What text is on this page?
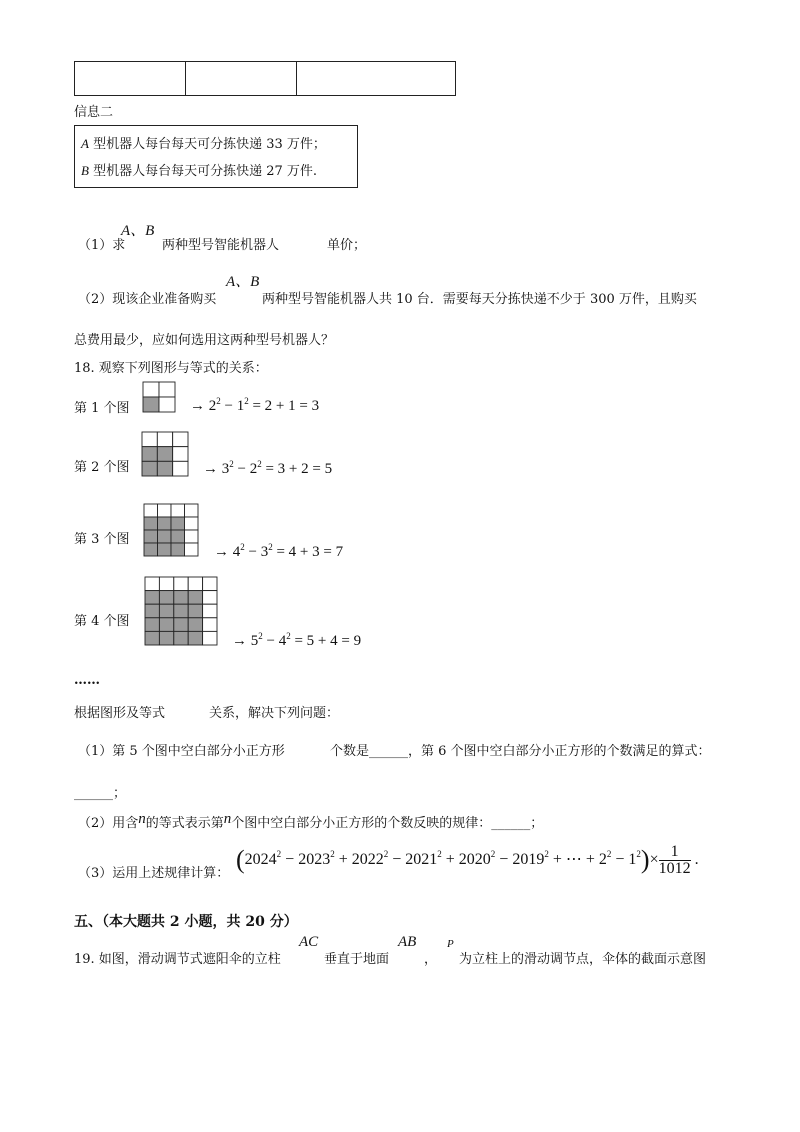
信息二
A 型机器人每台每天可分拣快递 33 万件；
B 型机器人每台每天可分拣快递 27 万件.
（1）求
A、B
两种型号智能机器人	单价；
（2）现该企业准备购买
A、B
两种型号智能机器人共 10 台．需要每天分拣快递不少于 300 万件，且购买
总费用最少，应如何选用这两种型号机器人？
18. 观察下列图形与等式的关系：
第 1 个图	→ $2^2 - 1^2 = 2 + 1 = 3$
第 2 个图	→ $3^2 - 2^2 = 3 + 2 = 5$
第 3 个图
→ $4^2 - 3^2 = 4 + 3 = 7$
第 4 个图
→ $5^2 - 4^2 = 5 + 4 = 9$
……
根据图形及等式	关系，解决下列问题：
（1）第 5 个图中空白部分小正方形	个数是______，第 6 个图中空白部分小正方形的个数满足的算式：
______；
（2）用含n的等式表示第n个图中空白部分小正方形的个数反映的规律：______；
（3）运用上述规律计算： ($2024^2 - 2023^2 + 2022^2 - 2021^2 + 2020^2 - 2019^2$ + ⋯ + $2^2 - 1^2)\times \frac{1}{1012}$ .
五、（本大题共 2 小题，共 20 分）
19. 如图，滑动调节式遮阳伞的立柱
AC
垂直于地面
AB
，
P
为立柱上的滑动调节点，伞体的截面示意图
